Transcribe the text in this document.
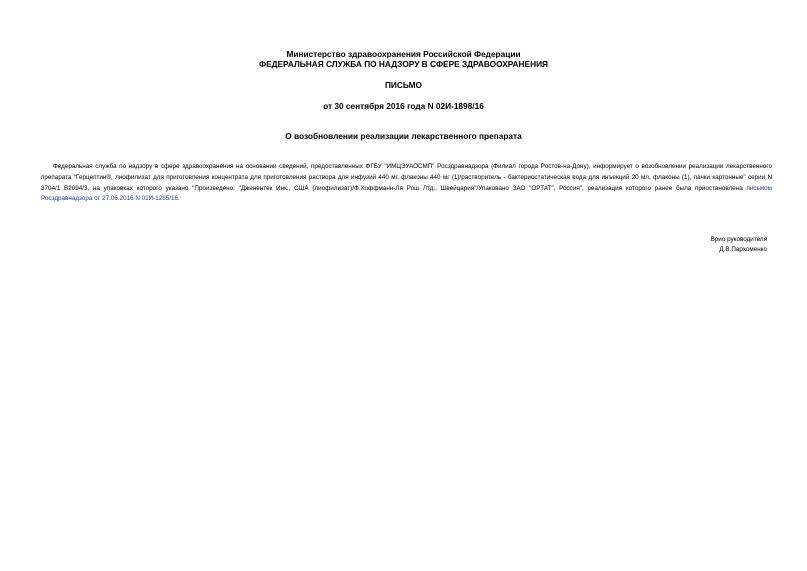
Министерство здравоохранения Российской Федерации
ФЕДЕРАЛЬНАЯ СЛУЖБА ПО НАДЗОРУ В СФЕРЕ ЗДРАВООХРАНЕНИЯ
ПИСЬМО
от 30 сентября 2016 года N 02И-1898/16
О возобновлении реализации лекарственного препарата
Федеральная служба по надзору в сфере здравоохранения на основании сведений, предоставленных ФГБУ "ИМЦЭУАОСМП" Росздравнадзора (Филиал города Ростов-на-Дону), информирует о возобновлении реализации лекарственного препарата "Герцептин®, лиофилизат для приготовления концентрата для приготовления раствора для инфузий 440 мг, флаконы 440 мг (1)/растворитель - бактериостатическая вода для инъекций 20 мл, флаконы (1), пачки картонные" серии N 3704/1 В2094/3, на упаковках которого указано "Произведено: "Дженентек Инк., США (лиофилизат)/Ф.Хоффманн-Ля Рош Лтд., Швейцария"/Упаковано ЗАО "ОРТАТ", Россия", реализация которого ранее была приостановлена письмом Росздравнадзора от 27.06.2016 N 01И-1285/16.
Врио руководителя
Д.В.Пархоменко
